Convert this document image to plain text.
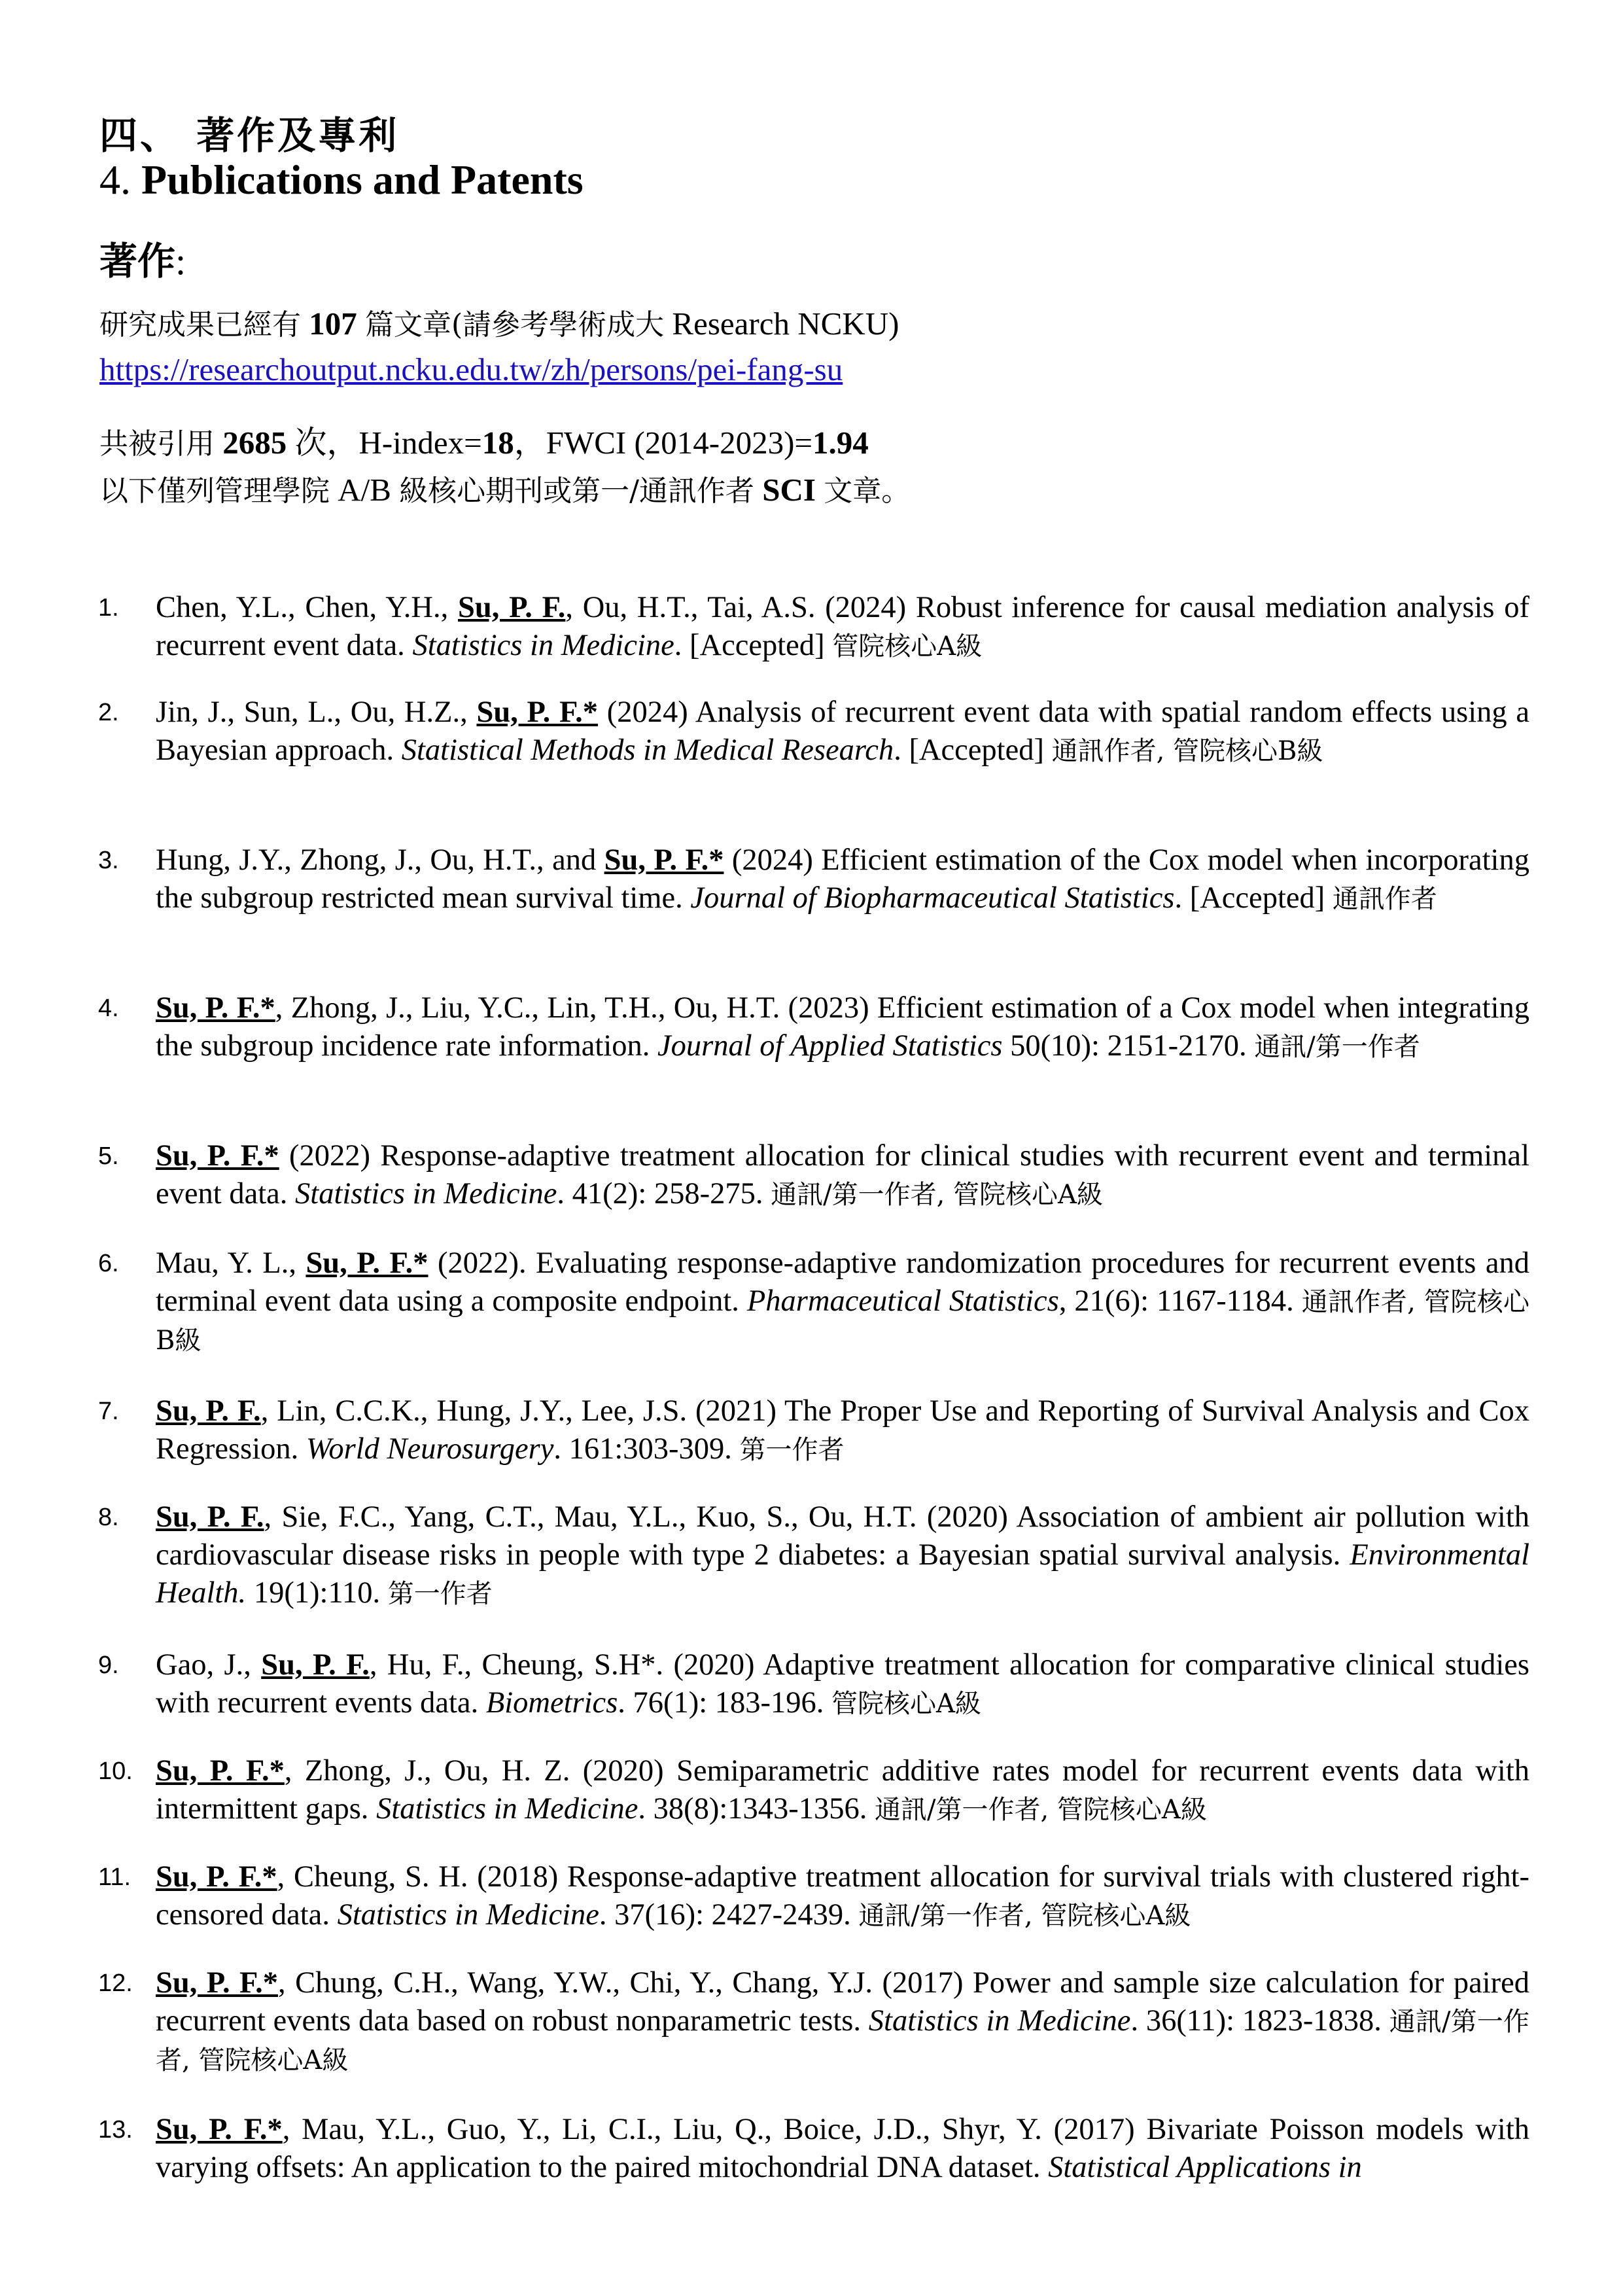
四、 著作及專利
4. Publications and Patents
著作:
研究成果已經有 107 篇文章(請參考學術成大 Research NCKU)
https://researchoutput.ncku.edu.tw/zh/persons/pei-fang-su
共被引用 2685 次，H-index=18，FWCI (2014-2023)=1.94
以下僅列管理學院 A/B 級核心期刊或第一/通訊作者 SCI 文章。
1. Chen, Y.L., Chen, Y.H., Su, P. F., Ou, H.T., Tai, A.S. (2024) Robust inference for causal mediation analysis of recurrent event data. Statistics in Medicine. [Accepted] 管院核心A級
2. Jin, J., Sun, L., Ou, H.Z., Su, P. F.* (2024) Analysis of recurrent event data with spatial random effects using a Bayesian approach. Statistical Methods in Medical Research. [Accepted] 通訊作者, 管院核心B級
3. Hung, J.Y., Zhong, J., Ou, H.T., and Su, P. F.* (2024) Efficient estimation of the Cox model when incorporating the subgroup restricted mean survival time. Journal of Biopharmaceutical Statistics. [Accepted] 通訊作者
4. Su, P. F.*, Zhong, J., Liu, Y.C., Lin, T.H., Ou, H.T. (2023) Efficient estimation of a Cox model when integrating the subgroup incidence rate information. Journal of Applied Statistics 50(10): 2151-2170. 通訊/第一作者
5. Su, P. F.* (2022) Response-adaptive treatment allocation for clinical studies with recurrent event and terminal event data. Statistics in Medicine. 41(2): 258-275. 通訊/第一作者, 管院核心A級
6. Mau, Y. L., Su, P. F.* (2022). Evaluating response-adaptive randomization procedures for recurrent events and terminal event data using a composite endpoint. Pharmaceutical Statistics, 21(6): 1167-1184. 通訊作者, 管院核心B級
7. Su, P. F., Lin, C.C.K., Hung, J.Y., Lee, J.S. (2021) The Proper Use and Reporting of Survival Analysis and Cox Regression. World Neurosurgery. 161:303-309. 第一作者
8. Su, P. F., Sie, F.C., Yang, C.T., Mau, Y.L., Kuo, S., Ou, H.T. (2020) Association of ambient air pollution with cardiovascular disease risks in people with type 2 diabetes: a Bayesian spatial survival analysis. Environmental Health. 19(1):110. 第一作者
9. Gao, J., Su, P. F., Hu, F., Cheung, S.H*. (2020) Adaptive treatment allocation for comparative clinical studies with recurrent events data. Biometrics. 76(1): 183-196. 管院核心A級
10. Su, P. F.*, Zhong, J., Ou, H. Z. (2020) Semiparametric additive rates model for recurrent events data with intermittent gaps. Statistics in Medicine. 38(8):1343-1356. 通訊/第一作者, 管院核心A級
11. Su, P. F.*, Cheung, S. H. (2018) Response-adaptive treatment allocation for survival trials with clustered right-censored data. Statistics in Medicine. 37(16): 2427-2439. 通訊/第一作者, 管院核心A級
12. Su, P. F.*, Chung, C.H., Wang, Y.W., Chi, Y., Chang, Y.J. (2017) Power and sample size calculation for paired recurrent events data based on robust nonparametric tests. Statistics in Medicine. 36(11): 1823-1838. 通訊/第一作者, 管院核心A級
13. Su, P. F.*, Mau, Y.L., Guo, Y., Li, C.I., Liu, Q., Boice, J.D., Shyr, Y. (2017) Bivariate Poisson models with varying offsets: An application to the paired mitochondrial DNA dataset. Statistical Applications in
